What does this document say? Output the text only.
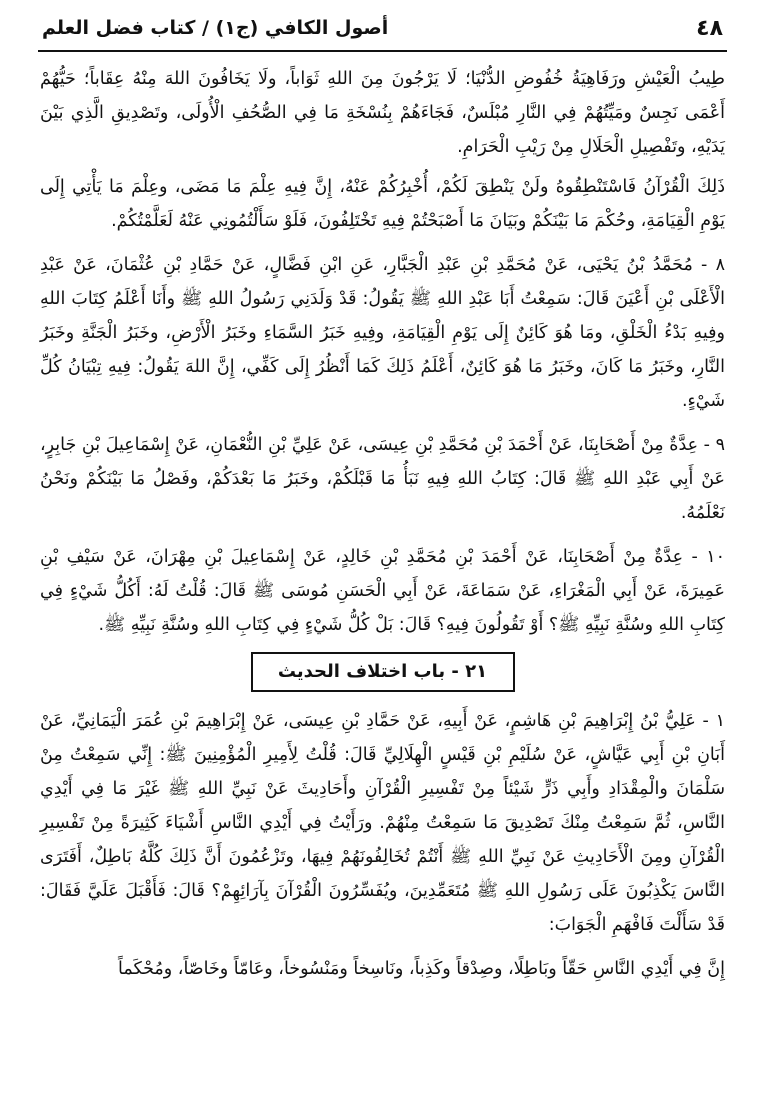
٤٨
أصول الكافي (ج١) / كتاب فضل العلم

طِيبُ الْعَيْشِ ورَفَاهِيَةُ خُفُوضِ الدُّنْيَا؛ لَا يَرْجُونَ مِنَ اللهِ ثَوَاباً، ولَا يَخَافُونَ اللهَ مِنْهُ عِقَاباً؛ حَيُّهُمْ أَعْمَى نَجِسٌ ومَيِّتُهُمْ فِي النَّارِ مُبْلَسٌ، فَجَاءَهُمْ بِنُسْخَةِ مَا فِي الصُّحُفِ الْأُولَى، وتَصْدِيقِ الَّذِي بَيْنَ يَدَيْهِ، وتَفْصِيلِ الْحَلَالِ مِنْ رَيْبِ الْحَرَامِ.

ذَلِكَ الْقُرْآنُ فَاسْتَنْطِقُوهُ ولَنْ يَنْطِقَ لَكُمْ، أُخْبِرُكُمْ عَنْهُ، إِنَّ فِيهِ عِلْمَ مَا مَضَى، وعِلْمَ مَا يَأْتِي إِلَى يَوْمِ الْقِيَامَةِ، وحُكْمَ مَا بَيْنَكُمْ وبَيَانَ مَا أَصْبَحْتُمْ فِيهِ تَخْتَلِفُونَ، فَلَوْ سَأَلْتُمُونِي عَنْهُ لَعَلَّمْتُكُمْ.

٨ - مُحَمَّدُ بْنُ يَحْيَى، عَنْ مُحَمَّدِ بْنِ عَبْدِ الْجَبَّارِ، عَنِ ابْنِ فَضَّالٍ، عَنْ حَمَّادِ بْنِ عُثْمَانَ، عَنْ عَبْدِ الْأَعْلَى بْنِ أَعْيَنَ قَالَ: سَمِعْتُ أَبَا عَبْدِ اللهِ ﷺ يَقُولُ: قَدْ وَلَدَنِي رَسُولُ اللهِ ﷺ وأَنَا أَعْلَمُ كِتَابَ اللهِ وفِيهِ بَدْءُ الْخَلْقِ، ومَا هُوَ كَائِنٌ إِلَى يَوْمِ الْقِيَامَةِ، وفِيهِ خَبَرُ السَّمَاءِ وخَبَرُ الْأَرْضِ، وخَبَرُ الْجَنَّةِ وخَبَرُ النَّارِ، وخَبَرُ مَا كَانَ، وخَبَرُ مَا هُوَ كَائِنٌ، أَعْلَمُ ذَلِكَ كَمَا أَنْظُرُ إِلَى كَفِّي، إِنَّ اللهَ يَقُولُ: فِيهِ تِبْيَانُ كُلِّ شَيْءٍ.

٩ - عِدَّةٌ مِنْ أَصْحَابِنَا، عَنْ أَحْمَدَ بْنِ مُحَمَّدِ بْنِ عِيسَى، عَنْ عَلِيِّ بْنِ النُّعْمَانِ، عَنْ إِسْمَاعِيلَ بْنِ جَابِرٍ، عَنْ أَبِي عَبْدِ اللهِ ﷺ قَالَ: كِتَابُ اللهِ فِيهِ نَبَأُ مَا قَبْلَكُمْ، وخَبَرُ مَا بَعْدَكُمْ، وفَصْلُ مَا بَيْنَكُمْ ونَحْنُ نَعْلَمُهُ.

١٠ - عِدَّةٌ مِنْ أَصْحَابِنَا، عَنْ أَحْمَدَ بْنِ مُحَمَّدِ بْنِ خَالِدٍ، عَنْ إِسْمَاعِيلَ بْنِ مِهْرَانَ، عَنْ سَيْفِ بْنِ عَمِيرَةَ، عَنْ أَبِي الْمَغْرَاءِ، عَنْ سَمَاعَةَ، عَنْ أَبِي الْحَسَنِ مُوسَى ﷺ قَالَ: قُلْتُ لَهُ: أَكُلُّ شَيْءٍ فِي كِتَابِ اللهِ وسُنَّةِ نَبِيِّهِ ﷺ؟ أَوْ تَقُولُونَ فِيهِ؟ قَالَ: بَلْ كُلُّ شَيْءٍ فِي كِتَابِ اللهِ وسُنَّةِ نَبِيِّهِ ﷺ.

٢١ - باب اختلاف الحديث

١ - عَلِيُّ بْنُ إِبْرَاهِيمَ بْنِ هَاشِمٍ، عَنْ أَبِيهِ، عَنْ حَمَّادِ بْنِ عِيسَى، عَنْ إِبْرَاهِيمَ بْنِ عُمَرَ الْيَمَانِيِّ، عَنْ أَبَانِ بْنِ أَبِي عَيَّاشٍ، عَنْ سُلَيْمِ بْنِ قَيْسٍ الْهِلَالِيِّ قَالَ: قُلْتُ لِأَمِيرِ الْمُؤْمِنِينَ ﷺ: إِنِّي سَمِعْتُ مِنْ سَلْمَانَ والْمِقْدَادِ وأَبِي ذَرٍّ شَيْئاً مِنْ تَفْسِيرِ الْقُرْآنِ وأَحَادِيثَ عَنْ نَبِيِّ اللهِ ﷺ غَيْرَ مَا فِي أَيْدِي النَّاسِ، ثُمَّ سَمِعْتُ مِنْكَ تَصْدِيقَ مَا سَمِعْتُ مِنْهُمْ. ورَأَيْتُ فِي أَيْدِي النَّاسِ أَشْيَاءَ كَثِيرَةً مِنْ تَفْسِيرِ الْقُرْآنِ ومِنَ الْأَحَادِيثِ عَنْ نَبِيِّ اللهِ ﷺ أَنْتُمْ تُخَالِفُونَهُمْ فِيهَا، وتَزْعُمُونَ أَنَّ ذَلِكَ كُلَّهُ بَاطِلٌ، أَفَتَرَى النَّاسَ يَكْذِبُونَ عَلَى رَسُولِ اللهِ ﷺ مُتَعَمِّدِينَ، ويُفَسِّرُونَ الْقُرْآنَ بِآرَائِهِمْ؟ قَالَ: فَأَقْبَلَ عَلَيَّ فَقَالَ: قَدْ سَأَلْتَ فَافْهَمِ الْجَوَابَ:

إِنَّ فِي أَيْدِي النَّاسِ حَقّاً وبَاطِلًا، وصِدْقاً وكَذِباً، ونَاسِخاً ومَنْسُوخاً، وعَامّاً وخَاصّاً، ومُحْكَماً
